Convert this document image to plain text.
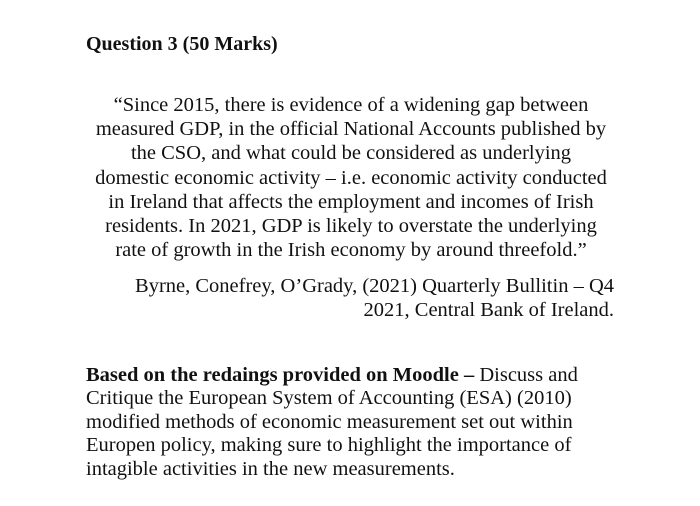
Question 3 (50 Marks)

“Since 2015, there is evidence of a widening gap between
measured GDP, in the official National Accounts published by
the CSO, and what could be considered as underlying
domestic economic activity – i.e. economic activity conducted
in Ireland that affects the employment and incomes of Irish
residents. In 2021, GDP is likely to overstate the underlying
rate of growth in the Irish economy by around threefold.”

Byrne, Conefrey, O’Grady, (2021) Quarterly Bullitin – Q4
2021, Central Bank of Ireland.

Based on the redaings provided on Moodle – Discuss and
Critique the European System of Accounting (ESA) (2010)
modified methods of economic measurement set out within
Europen policy, making sure to highlight the importance of
intagible activities in the new measurements.
